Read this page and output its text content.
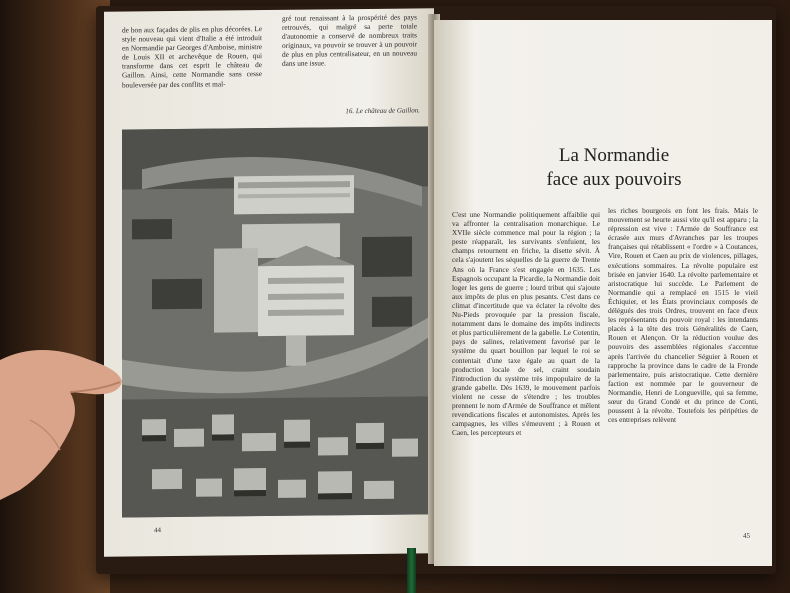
de bon aux façades de plis en plus décorées. Le style nouveau qui vient d'Italie a été introduit en Normandie par Georges d'Amboise, ministre de Louis XII et archevêque de Rouen, qui transforme dans cet esprit le château de Gaillon. Ainsi, cette Normandie sans cesse bouleversée par des conflits et mal-

gré tout renaissant à la prospérité des pays retrouvés, qui malgré sa perte totale d'autonomie a conservé de nombreux traits originaux, va pouvoir se trouver à un pouvoir de plus en plus centralisateur, en un nouveau dans une issue.

16. Le château de Gaillon.
44
La Normandie
face aux pouvoirs

C'est une Normandie politiquement affaiblie qui va affronter la centralisation monarchique. Le XVIIe siècle commence mal pour la région ; la peste réapparaît, les survivants s'enfuient, les champs retournent en friche, la disette sévit. À cela s'ajoutent les séquelles de la guerre de Trente Ans où la France s'est engagée en 1635. Les Espagnols occupant la Picardie, la Normandie doit loger les gens de guerre ; lourd tribut qui s'ajoute aux impôts de plus en plus pesants. C'est dans ce climat d'incertitude que va éclater la révolte des Nu-Pieds provoquée par la pression fiscale, notamment dans le domaine des impôts indirects et plus particulièrement de la gabelle. Le Cotentin, pays de salines, relativement favorisé par le système du quart bouillon par lequel le roi se contentait d'une taxe égale au quart de la production locale de sel, craint soudain l'introduction du système très impopulaire de la grande gabelle. Dès 1639, le mouvement parfois violent ne cesse de s'étendre ; les troubles prennent le nom d'Armée de Souffrance et mêlent revendications fiscales et autonomistes. Après les campagnes, les villes s'émeuvent ; à Rouen et Caen, les percepteurs et

les riches bourgeois en font les frais. Mais le mouvement se heurte aussi vite qu'il est apparu ; la répression est vive : l'Armée de Souffrance est écrasée aux murs d'Avranches par les troupes françaises qui rétablissent « l'ordre » à Coutances, Vire, Rouen et Caen au prix de violences, pillages, exécutions sommaires. La révolte populaire est brisée en janvier 1640. La révolte parlementaire et aristocratique lui succède. Le Parlement de Normandie qui a remplacé en 1515 le vieil Échiquier, et les États provinciaux composés de délégués des trois Ordres, trouvent en face d'eux les représentants du pouvoir royal : les intendants placés à la tête des trois Généralités de Caen, Rouen et Alençon. Or la réduction voulue des pouvoirs des assemblées régionales s'accentue après l'arrivée du chancelier Séguier à Rouen et rapproche la province dans le cadre de la Fronde parlementaire, puis aristocratique. Cette dernière faction est nommée par le gouverneur de Normandie, Henri de Longueville, qui sa femme, sœur du Grand Condé et du prince de Conti, poussent à la révolte. Toutefois les péripéties de ces entreprises relèvent

45
